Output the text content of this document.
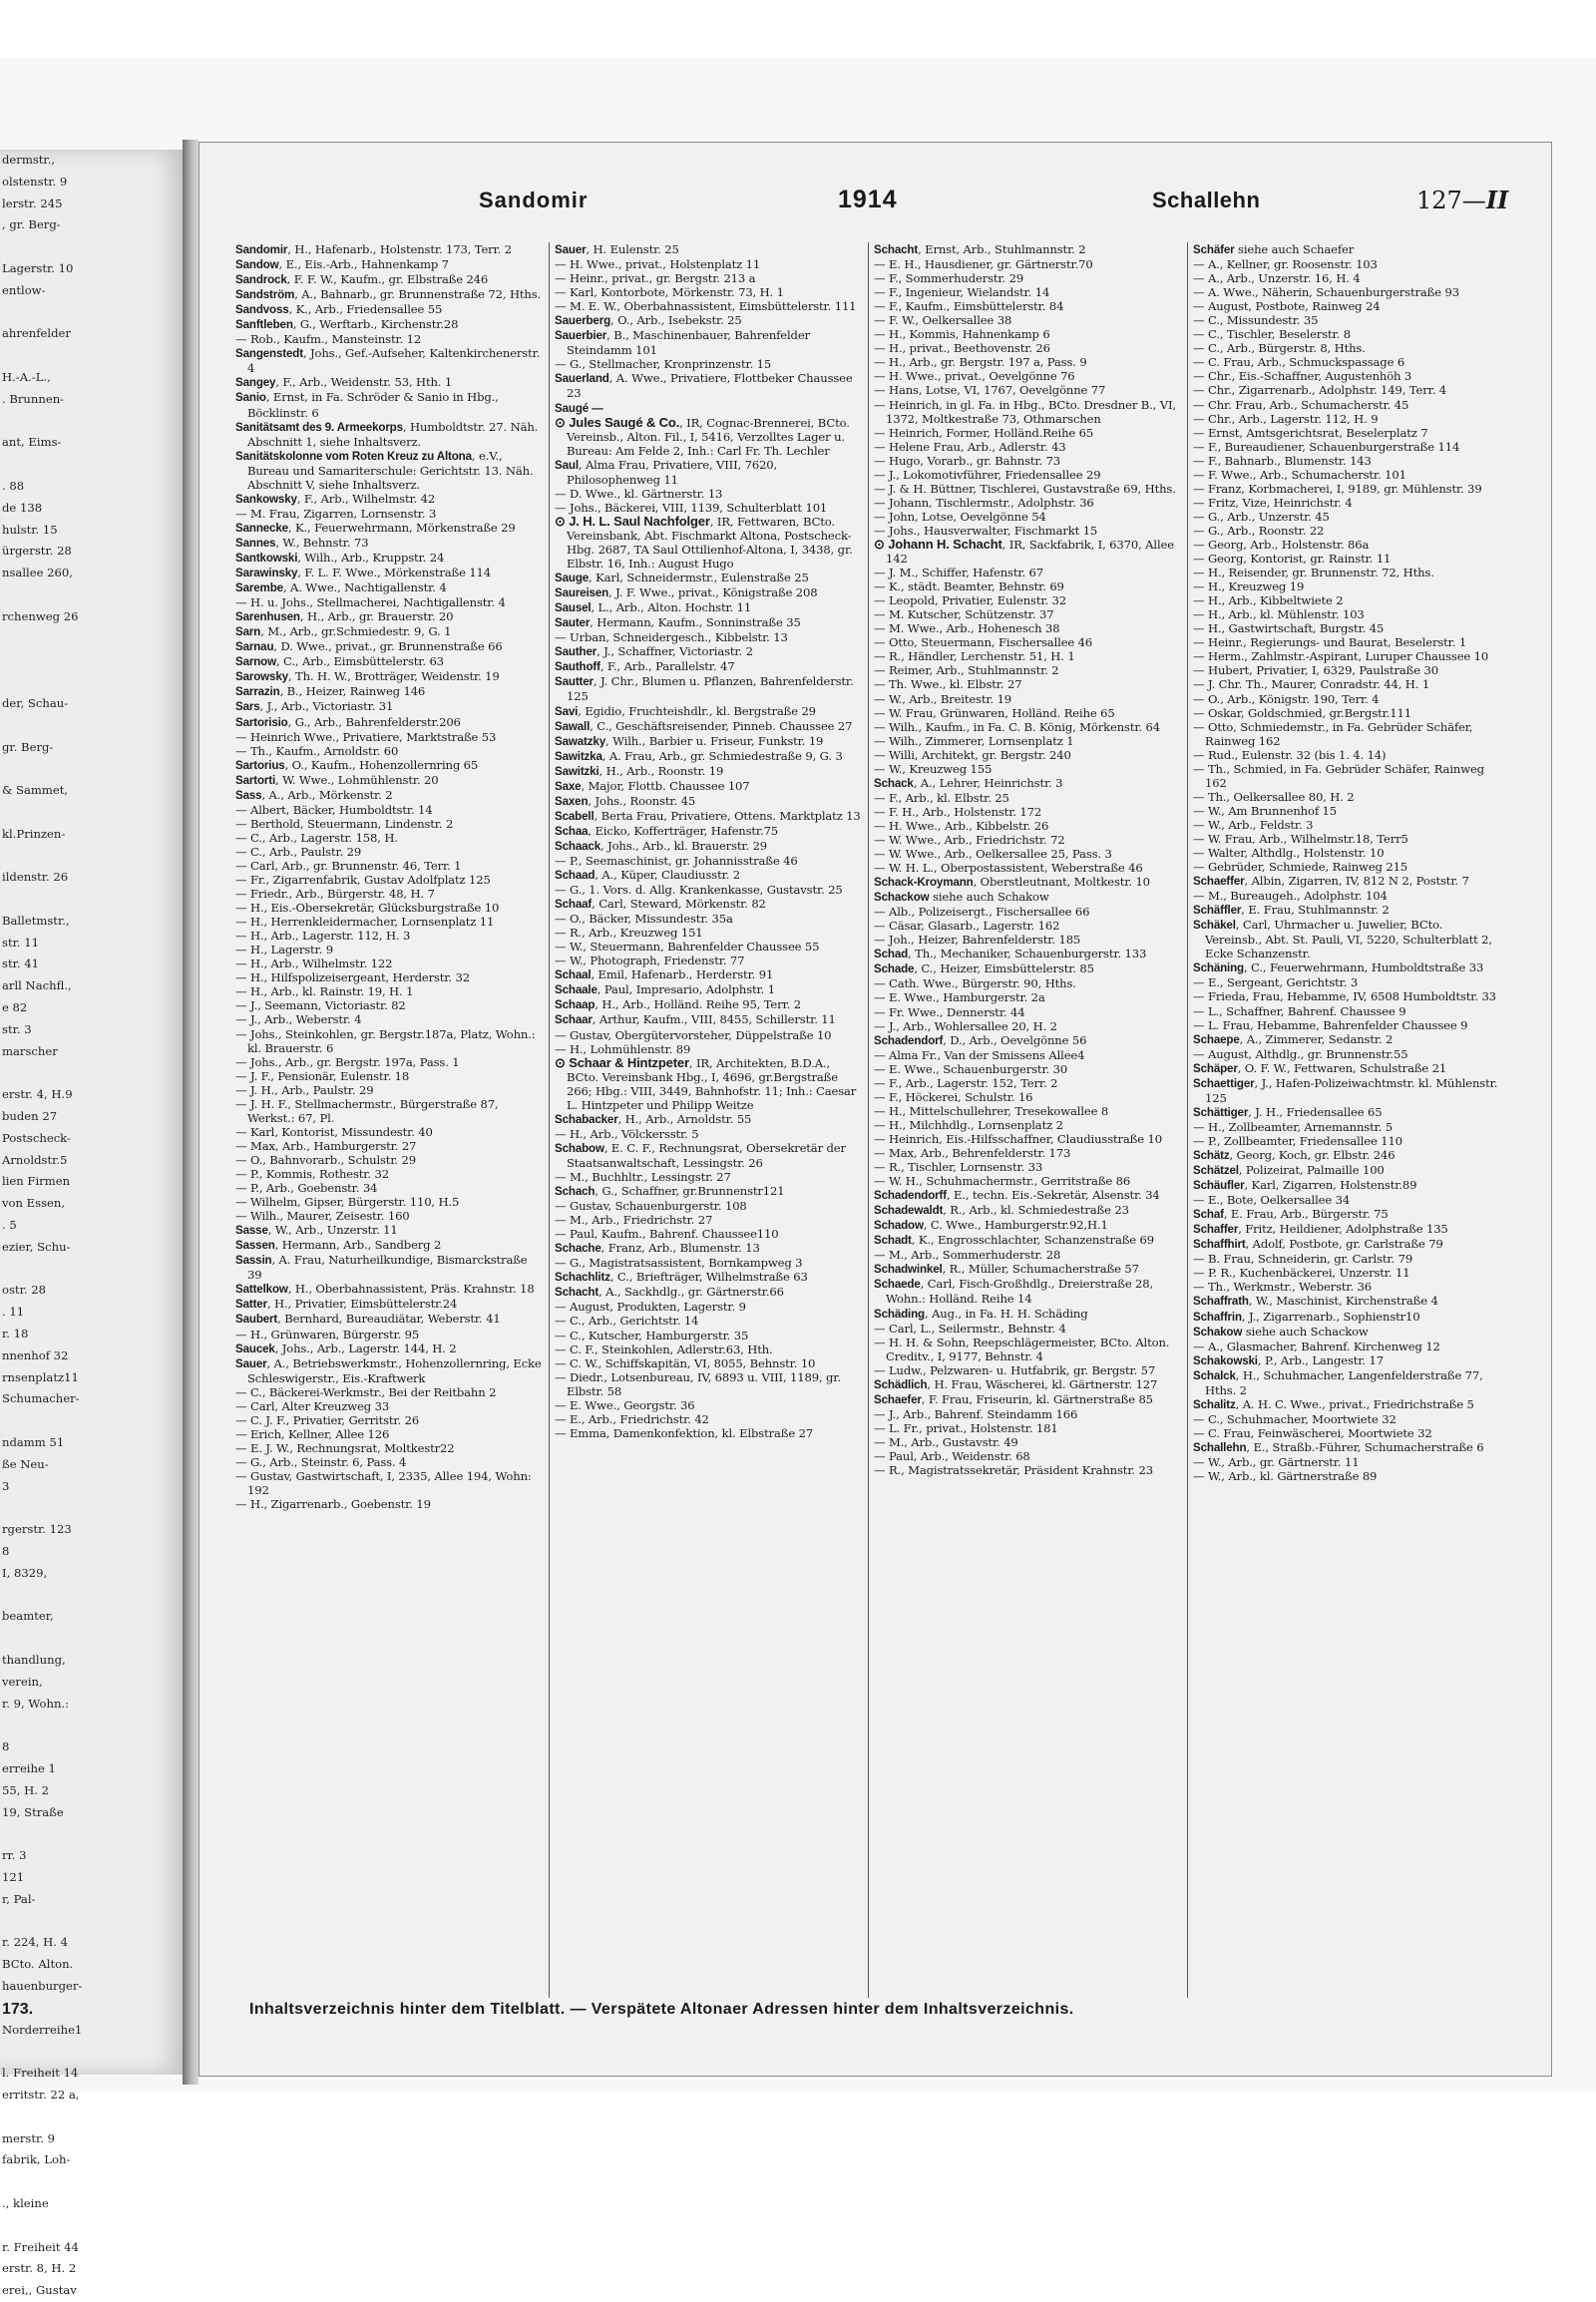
dermstr.,
olstenstr. 9
lerstr. 245
, gr. Berg-

Lagerstr. 10
entlow-

ahrenfelder

H.-A.-L.,
. Brunnen-

ant, Eims-

. 88
de 138
hulstr. 15
ürgerstr. 28
nsallee 260,

rchenweg 26

der, Schau-

gr. Berg-

& Sammet,

kl.Prinzen-

ildenstr. 26

Balletmstr.,
str. 11
str. 41
arll Nachfl.,
e 82
str. 3
marscher

erstr. 4, H.9
buden 27
Postscheck-
Arnoldstr.5
lien Firmen
von Essen,
. 5
ezier, Schu-

ostr. 28
. 11
r. 18
nnenhof 32
rnsenplatz11
Schumacher-

ndamm 51
ße Neu-
3

rgerstr. 123
8
I, 8329,

beamter,

thandlung,
verein,
r. 9, Wohn.:

8
erreihe 1
55, H. 2
19, Straße

rr. 3
121
r, Pal-

r. 224, H. 4
BCto. Alton.
hauenburger-

Norderreihe1

l. Freiheit 14
erritstr. 22 a,

merstr. 9
fabrik, Loh-

., kleine

r. Freiheit 44
erstr. 8, H. 2
erei,, Gustav
Sandomir	1914	Schallehn	127—II
Sandomir, H., Hafenarb., Holstenstr. 173, Terr. 2
Sandow, E., Eis.-Arb., Hahnenkamp 7
Sandrock, F. F. W., Kaufm., gr. Elbstraße 246
Sandström, A., Bahnarb., gr. Brunnenstraße 72, Hths.
Sandvoss, K., Arb., Friedensallee 55
Sanftleben, G., Werftarb., Kirchenstr.28
— Rob., Kaufm., Mansteinstr. 12
Sangenstedt, Johs., Gef.-Aufseher, Kaltenkirchenerstr. 4
Sangey, F., Arb., Weidenstr. 53, Hth. 1
Sanio, Ernst, in Fa. Schröder & Sanio in Hbg., Böcklinstr. 6
Sanitätsamt des 9. Armeekorps, Humboldtstr. 27. Näh. Abschnitt 1, siehe Inhaltsverz.
Sanitätskolonne vom Roten Kreuz zu Altona, e.V., Bureau und Samariterschule: Gerichtstr. 13. Näh. Abschnitt V, siehe Inhaltsverz.
Sankowsky, F., Arb., Wilhelmstr. 42
— M. Frau, Zigarren, Lornsenstr. 3
Sannecke, K., Feuerwehrmann, Mörkenstraße 29
Sannes, W., Behnstr. 73
Santkowski, Wilh., Arb., Kruppstr. 24
Sarawinsky, F. L. F. Wwe., Mörkenstraße 114
Sarembe, A. Wwe., Nachtigallenstr. 4
— H. u. Johs., Stellmacherei, Nachtigallenstr. 4
Sarenhusen, H., Arb., gr. Brauerstr. 20
Sarn, M., Arb., gr.Schmiedestr. 9, G. 1
Sarnau, D. Wwe., privat., gr. Brunnenstraße 66
Sarnow, C., Arb., Eimsbüttelerstr. 63
Sarowsky, Th. H. W., Brotträger, Weidenstr. 19
Sarrazin, B., Heizer, Rainweg 146
Sars, J., Arb., Victoriastr. 31
Sartorisio, G., Arb., Bahrenfelderstr.206
— Heinrich Wwe., Privatiere, Marktstraße 53
— Th., Kaufm., Arnoldstr. 60
Sartorius, O., Kaufm., Hohenzollernring 65
Sartorti, W. Wwe., Lohmühlenstr. 20
Sass, A., Arb., Mörkenstr. 2
— Albert, Bäcker, Humboldtstr. 14
— Berthold, Steuermann, Lindenstr. 2
— C., Arb., Lagerstr. 158, H.
— C., Arb., Paulstr. 29
— Carl, Arb., gr. Brunnenstr. 46, Terr. 1
— Fr., Zigarrenfabrik, Gustav Adolfplatz 125
— Friedr., Arb., Bürgerstr. 48, H. 7
— H., Eis.-Obersekretär, Glücksburgstraße 10
— H., Herrenkleidermacher, Lornsenplatz 11
— H., Arb., Lagerstr. 112, H. 3
— H., Lagerstr. 9
— H., Arb., Wilhelmstr. 122
— H., Hilfspolizeisergeant, Herderstr. 32
— H., Arb., kl. Rainstr. 19, H. 1
— J., Seemann, Victoriastr. 82
— J., Arb., Weberstr. 4
— Johs., Steinkohlen, gr. Bergstr.187a, Platz, Wohn.: kl. Brauerstr. 6
— Johs., Arb., gr. Bergstr. 197a, Pass. 1
— J. F., Pensionär, Eulenstr. 18
— J. H., Arb., Paulstr. 29
— J. H. F., Stellmachermstr., Bürgerstraße 87, Werkst.: 67, Pl.
— Karl, Kontorist, Missundestr. 40
— Max, Arb., Hamburgerstr. 27
— O., Bahnvorarb., Schulstr. 29
— P., Kommis, Rothestr. 32
— P., Arb., Goebenstr. 34
— Wilhelm, Gipser, Bürgerstr. 110, H.5
— Wilh., Maurer, Zeisestr. 160
Sasse, W., Arb., Unzerstr. 11
Sassen, Hermann, Arb., Sandberg 2
Sassin, A. Frau, Naturheilkundige, Bismarckstraße 39
Sattelkow, H., Oberbahnassistent, Präs. Krahnstr. 18
Satter, H., Privatier, Eimsbüttelerstr.24
Saubert, Bernhard, Bureaudiätar, Weberstr. 41
— H., Grünwaren, Bürgerstr. 95
Saucek, Johs., Arb., Lagerstr. 144, H. 2
Sauer, A., Betriebswerkmstr., Hohenzollernring, Ecke Schleswigerstr., Eis.-Kraftwerk
— C., Bäckerei-Werkmstr., Bei der Reitbahn 2
— Carl, Alter Kreuzweg 33
— C. J. F., Privatier, Gerritstr. 26
— Erich, Kellner, Allee 126
— E. J. W., Rechnungsrat, Moltkestr22
— G., Arb., Steinstr. 6, Pass. 4
— Gustav, Gastwirtschaft, I, 2335, Allee 194, Wohn: 192
— H., Zigarrenarb., Goebenstr. 19
Sauer, H. Eulenstr. 25
— H. Wwe., privat., Holstenplatz 11
— Heinr., privat., gr. Bergstr. 213 a
— Karl, Kontorbote, Mörkenstr. 73, H. 1
— M. E. W., Oberbahnassistent, Eimsbüttelerstr. 111
Sauerberg, O., Arb., Isebekstr. 25
Sauerbier, B., Maschinenbauer, Bahrenfelder Steindamm 101
— G., Stellmacher, Kronprinzenstr. 15
Sauerland, A. Wwe., Privatiere, Flottbeker Chaussee 23
Saugé —
⊙ Jules Saugé & Co., IR, Cognac-Brennerei, BCto. Vereinsb., Alton. Fil., I, 5416, Verzolltes Lager u. Bureau: Am Felde 2, Inh.: Carl Fr. Th. Lechler
Saul, Alma Frau, Privatiere, VIII, 7620, Philosophenweg 11
— D. Wwe., kl. Gärtnerstr. 13
— Johs., Bäckerei, VIII, 1139, Schulterblatt 101
⊙ J. H. L. Saul Nachfolger, IR, Fettwaren, BCto. Vereinsbank, Abt. Fischmarkt Altona, Postscheck-Hbg. 2687, TA Saul Ottilienhof-Altona, I, 3438, gr. Elbstr. 16, Inh.: August Hugo
Sauge, Karl, Schneidermstr., Eulenstraße 25
Saureisen, J. F. Wwe., privat., Königstraße 208
Sausel, L., Arb., Alton. Hochstr. 11
Sauter, Hermann, Kaufm., Sonninstraße 35
— Urban, Schneidergesch., Kibbelstr. 13
Sauther, J., Schaffner, Victoriastr. 2
Sauthoff, F., Arb., Parallelstr. 47
Sautter, J. Chr., Blumen u. Pflanzen, Bahrenfelderstr. 125
Savi, Egidio, Fruchteishdlr., kl. Bergstraße 29
Sawall, C., Geschäftsreisender, Pinneb. Chaussee 27
Sawatzky, Wilh., Barbier u. Friseur, Funkstr. 19
Sawitzka, A. Frau, Arb., gr. Schmiedestraße 9, G. 3
Sawitzki, H., Arb., Roonstr. 19
Saxe, Major, Flottb. Chaussee 107
Saxen, Johs., Roonstr. 45
Scabell, Berta Frau, Privatiere, Ottens. Marktplatz 13
Schaa, Eicko, Kofferträger, Hafenstr.75
Schaack, Johs., Arb., kl. Brauerstr. 29
— P., Seemaschinist, gr. Johannisstraße 46
Schaad, A., Küper, Claudiusstr. 2
— G., 1. Vors. d. Allg. Krankenkasse, Gustavstr. 25
Schaaf, Carl, Steward, Mörkenstr. 82
— O., Bäcker, Missundestr. 35a
— R., Arb., Kreuzweg 151
— W., Steuermann, Bahrenfelder Chaussee 55
— W., Photograph, Friedenstr. 77
Schaal, Emil, Hafenarb., Herderstr. 91
Schaale, Paul, Impresario, Adolphstr. 1
Schaap, H., Arb., Holländ. Reihe 95, Terr. 2
Schaar, Arthur, Kaufm., VIII, 8455, Schillerstr. 11
— Gustav, Obergütervorsteher, Düppelstraße 10
— H., Lohmühlenstr. 89
⊙ Schaar & Hintzpeter, IR, Architekten, B.D.A., BCto. Vereinsbank Hbg., I, 4696, gr.Bergstraße 266; Hbg.: VIII, 3449, Bahnhofstr. 11; Inh.: Caesar L. Hintzpeter und Philipp Weitze
Schabacker, H., Arb., Arnoldstr. 55
— H., Arb., Völckersstr. 5
Schabow, E. C. F., Rechnungsrat, Obersekretär der Staatsanwaltschaft, Lessingstr. 26
— M., Buchhltr., Lessingstr. 27
Schach, G., Schaffner, gr.Brunnenstr121
— Gustav, Schauenburgerstr. 108
— M., Arb., Friedrichstr. 27
— Paul, Kaufm., Bahrenf. Chaussee110
Schache, Franz, Arb., Blumenstr. 13
— G., Magistratsassistent, Bornkampweg 3
Schachlitz, C., Briefträger, Wilhelmstraße 63
Schacht, A., Sackhdlg., gr. Gärtnerstr.66
— August, Produkten, Lagerstr. 9
— C., Arb., Gerichtstr. 14
— C., Kutscher, Hamburgerstr. 35
— C. F., Steinkohlen, Adlerstr.63, Hth.
— C. W., Schiffskapitän, VI, 8055, Behnstr. 10
— Diedr., Lotsenbureau, IV, 6893 u. VIII, 1189, gr. Elbstr. 58
— E. Wwe., Georgstr. 36
— E., Arb., Friedrichstr. 42
— Emma, Damenkonfektion, kl. Elbstraße 27
Schacht, Ernst, Arb., Stuhlmannstr. 2
— E. H., Hausdiener, gr. Gärtnerstr.70
— F., Sommerhuderstr. 29
— F., Ingenieur, Wielandstr. 14
— F., Kaufm., Eimsbüttelerstr. 84
— F. W., Oelkersallee 38
— H., Kommis, Hahnenkamp 6
— H., privat., Beethovenstr. 26
— H., Arb., gr. Bergstr. 197 a, Pass. 9
— H. Wwe., privat., Oevelgönne 76
— Hans, Lotse, VI, 1767, Oevelgönne 77
— Heinrich, in gl. Fa. in Hbg., BCto. Dresdner B., VI, 1372, Moltkestraße 73, Othmarschen
— Heinrich, Former, Holländ.Reihe 65
— Helene Frau, Arb., Adlerstr. 43
— Hugo, Vorarb., gr. Bahnstr. 73
— J., Lokomotivführer, Friedensallee 29
— J. & H. Büttner, Tischlerei, Gustavstraße 69, Hths.
— Johann, Tischlermstr., Adolphstr. 36
— John, Lotse, Oevelgönne 54
— Johs., Hausverwalter, Fischmarkt 15
⊙ Johann H. Schacht, IR, Sackfabrik, I, 6370, Allee 142
— J. M., Schiffer, Hafenstr. 67
— K., städt. Beamter, Behnstr. 69
— Leopold, Privatier, Eulenstr. 32
— M. Kutscher, Schützenstr. 37
— M. Wwe., Arb., Hohenesch 38
— Otto, Steuermann, Fischersallee 46
— R., Händler, Lerchenstr. 51, H. 1
— Reimer, Arb., Stuhlmannstr. 2
— Th. Wwe., kl. Elbstr. 27
— W., Arb., Breitestr. 19
— W. Frau, Grünwaren, Holländ. Reihe 65
— Wilh., Kaufm., in Fa. C. B. König, Mörkenstr. 64
— Wilh., Zimmerer, Lornsenplatz 1
— Willi, Architekt, gr. Bergstr. 240
— W., Kreuzweg 155
Schack, A., Lehrer, Heinrichstr. 3
— F., Arb., kl. Elbstr. 25
— F. H., Arb., Holstenstr. 172
— H. Wwe., Arb., Kibbelstr. 26
— W. Wwe., Arb., Friedrichstr. 72
— W. Wwe., Arb., Oelkersallee 25, Pass. 3
— W. H. L., Oberpostassistent, Weberstraße 46
Schack-Kroymann, Oberstleutnant, Moltkestr. 10
Schackow siehe auch Schakow
— Alb., Polizeisergt., Fischersallee 66
— Cäsar, Glasarb., Lagerstr. 162
— Joh., Heizer, Bahrenfelderstr. 185
Schad, Th., Mechaniker, Schauenburgerstr. 133
Schade, C., Heizer, Eimsbüttelerstr. 85
— Cath. Wwe., Bürgerstr. 90, Hths.
— E. Wwe., Hamburgerstr. 2a
— Fr. Wwe., Dennerstr. 44
— J., Arb., Wohlersallee 20, H. 2
Schadendorf, D., Arb., Oevelgönne 56
— Alma Fr., Van der Smissens Allee4
— E. Wwe., Schauenburgerstr. 30
— F., Arb., Lagerstr. 152, Terr. 2
— F., Höckerei, Schulstr. 16
— H., Mittelschullehrer, Tresekowallee 8
— H., Milchhdlg., Lornsenplatz 2
— Heinrich, Eis.-Hilfsschaffner, Claudiusstraße 10
— Max, Arb., Behrenfelderstr. 173
— R., Tischler, Lornsenstr. 33
— W. H., Schuhmachermstr., Gerritstraße 86
Schadendorff, E., techn. Eis.-Sekretär, Alsenstr. 34
Schadewaldt, R., Arb., kl. Schmiedestraße 23
Schadow, C. Wwe., Hamburgerstr.92,H.1
Schadt, K., Engrosschlachter, Schanzenstraße 69
— M., Arb., Sommerhuderstr. 28
Schadwinkel, R., Müller, Schumacherstraße 57
Schaede, Carl, Fisch-Großhdlg., Dreierstraße 28, Wohn.: Holländ. Reihe 14
Schäding, Aug., in Fa. H. H. Schäding
— Carl, L., Seilermstr., Behnstr. 4
— H. H. & Sohn, Reepschlägermeister, BCto. Alton. Creditv., I, 9177, Behnstr. 4
— Ludw., Pelzwaren- u. Hutfabrik, gr. Bergstr. 57
Schädlich, H. Frau, Wäscherei, kl. Gärtnerstr. 127
Schaefer, F. Frau, Friseurin, kl. Gärtnerstraße 85
— J., Arb., Bahrenf. Steindamm 166
— L. Fr., privat., Holstenstr. 181
— M., Arb., Gustavstr. 49
— Paul, Arb., Weidenstr. 68
— R., Magistratssekretär, Präsident Krahnstr. 23
Schäfer siehe auch Schaefer
— A., Kellner, gr. Roosenstr. 103
— A., Arb., Unzerstr. 16, H. 4
— A. Wwe., Näherin, Schauenburgerstraße 93
— August, Postbote, Rainweg 24
— C., Missundestr. 35
— C., Tischler, Beselerstr. 8
— C., Arb., Bürgerstr. 8, Hths.
— C. Frau, Arb., Schmuckspassage 6
— Chr., Eis.-Schaffner, Augustenhöh 3
— Chr., Zigarrenarb., Adolphstr. 149, Terr. 4
— Chr. Frau, Arb., Schumacherstr. 45
— Chr., Arb., Lagerstr. 112, H. 9
— Ernst, Amtsgerichtsrat, Beselerplatz 7
— F., Bureaudiener, Schauenburgerstraße 114
— F., Bahnarb., Blumenstr. 143
— F. Wwe., Arb., Schumacherstr. 101
— Franz, Korbmacherei, I, 9189, gr. Mühlenstr. 39
— Fritz, Vize, Heinrichstr. 4
— G., Arb., Unzerstr. 45
— G., Arb., Roonstr. 22
— Georg, Arb., Holstenstr. 86a
— Georg, Kontorist, gr. Rainstr. 11
— H., Reisender, gr. Brunnenstr. 72, Hths.
— H., Kreuzweg 19
— H., Arb., Kibbeltwiete 2
— H., Arb., kl. Mühlenstr. 103
— H., Gastwirtschaft, Burgstr. 45
— Heinr., Regierungs- und Baurat, Beselerstr. 1
— Herm., Zahlmstr.-Aspirant, Luruper Chaussee 10
— Hubert, Privatier, I, 6329, Paulstraße 30
— J. Chr. Th., Maurer, Conradstr. 44, H. 1
— O., Arb., Königstr. 190, Terr. 4
— Oskar, Goldschmied, gr.Bergstr.111
— Otto, Schmiedemstr., in Fa. Gebrüder Schäfer, Rainweg 162
— Rud., Eulenstr. 32 (bis 1. 4. 14)
— Th., Schmied, in Fa. Gebrüder Schäfer, Rainweg 162
— Th., Oelkersallee 80, H. 2
— W., Am Brunnenhof 15
— W., Arb., Feldstr. 3
— W. Frau, Arb., Wilhelmstr.18, Terr5
— Walter, Althdlg., Holstenstr. 10
— Gebrüder, Schmiede, Rainweg 215
Schaeffer, Albin, Zigarren, IV, 812 N 2, Poststr. 7
— M., Bureaugeh., Adolphstr. 104
Schäffler, E. Frau, Stuhlmannstr. 2
Schäkel, Carl, Uhrmacher u. Juwelier, BCto. Vereinsb., Abt. St. Pauli, VI, 5220, Schulterblatt 2, Ecke Schanzenstr.
Schäning, C., Feuerwehrmann, Humboldtstraße 33
— E., Sergeant, Gerichtstr. 3
— Frieda, Frau, Hebamme, IV, 6508 Humboldtstr. 33
— L., Schaffner, Bahrenf. Chaussee 9
— L. Frau, Hebamme, Bahrenfelder Chaussee 9
Schaepe, A., Zimmerer, Sedanstr. 2
— August, Althdlg., gr. Brunnenstr.55
Schäper, O. F. W., Fettwaren, Schulstraße 21
Schaettiger, J., Hafen-Polizeiwachtmstr. kl. Mühlenstr. 125
Schättiger, J. H., Friedensallee 65
— H., Zollbeamter, Arnemannstr. 5
— P., Zollbeamter, Friedensallee 110
Schätz, Georg, Koch, gr. Elbstr. 246
Schätzel, Polizeirat, Palmaille 100
Schäufler, Karl, Zigarren, Holstenstr.89
— E., Bote, Oelkersallee 34
Schaf, E. Frau, Arb., Bürgerstr. 75
Schaffer, Fritz, Heildiener, Adolphstraße 135
Schaffhirt, Adolf, Postbote, gr. Carlstraße 79
— B. Frau, Schneiderin, gr. Carlstr. 79
— P. R., Kuchenbäckerei, Unzerstr. 11
— Th., Werkmstr., Weberstr. 36
Schaffrath, W., Maschinist, Kirchenstraße 4
Schaffrin, J., Zigarrenarb., Sophienstr10
Schakow siehe auch Schackow
— A., Glasmacher, Bahrenf. Kirchenweg 12
Schakowski, P., Arb., Langestr. 17
Schalck, H., Schuhmacher, Langenfelderstraße 77, Hths. 2
Schalitz, A. H. C. Wwe., privat., Friedrichstraße 5
— C., Schuhmacher, Moortwiete 32
— C. Frau, Feinwäscherei, Moortwiete 32
Schallehn, E., Straßb.-Führer, Schumacherstraße 6
— W., Arb., gr. Gärtnerstr. 11
— W., Arb., kl. Gärtnerstraße 89
173.	Inhaltsverzeichnis hinter dem Titelblatt. — Verspätete Altonaer Adressen hinter dem Inhaltsverzeichnis.
